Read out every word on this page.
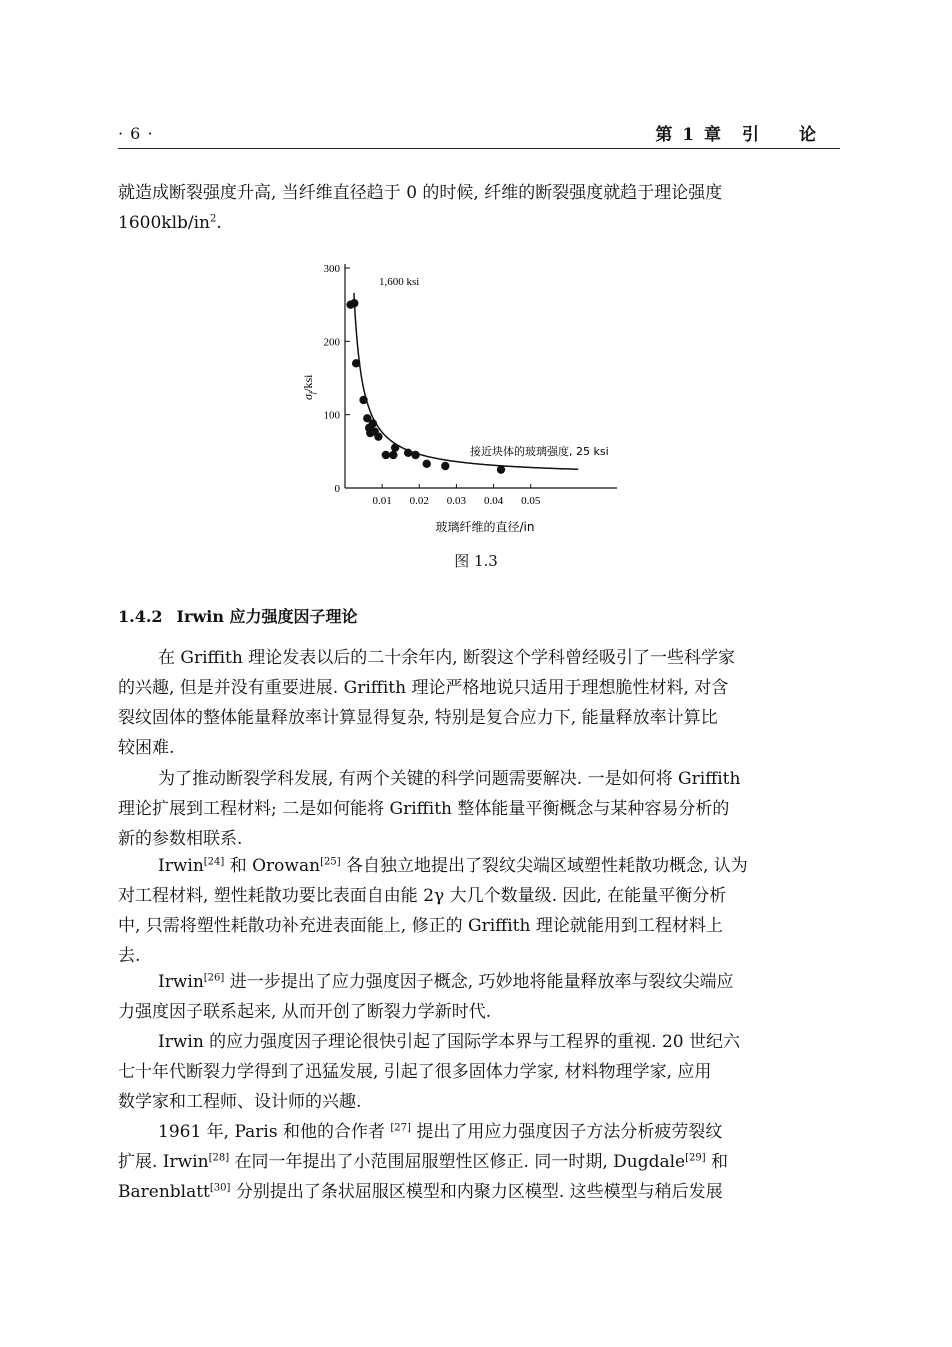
· 6 ·	第 1 章　引　　论
就造成断裂强度升高, 当纤维直径趋于 0 的时候, 纤维的断裂强度就趋于理论强度
$1600klb/in^2$.
0
100
200
300
0.01 0.02 0.03 0.04 0.05
1,600 ksi
接近块体的玻璃强度, 25 ksi
玻璃纤维的直径/in
$\sigma_f$/ksi
图 1.3
1.4.2 Irwin 应力强度因子理论
在 Griffith 理论发表以后的二十余年内, 断裂这个学科曾经吸引了一些科学家
的兴趣, 但是并没有重要进展. Griffith 理论严格地说只适用于理想脆性材料, 对含
裂纹固体的整体能量释放率计算显得复杂, 特别是复合应力下, 能量释放率计算比
较困难.
为了推动断裂学科发展, 有两个关键的科学问题需要解决. 一是如何将 Griffith
理论扩展到工程材料; 二是如何能将 Griffith 整体能量平衡概念与某种容易分析的
新的参数相联系.
Irwin[24] 和 Orowan[25] 各自独立地提出了裂纹尖端区域塑性耗散功概念, 认为
对工程材料, 塑性耗散功要比表面自由能 2γ 大几个数量级. 因此, 在能量平衡分析
中, 只需将塑性耗散功补充进表面能上, 修正的 Griffith 理论就能用到工程材料上
去.
Irwin[26] 进一步提出了应力强度因子概念, 巧妙地将能量释放率与裂纹尖端应
力强度因子联系起来, 从而开创了断裂力学新时代.
Irwin 的应力强度因子理论很快引起了国际学本界与工程界的重视. 20 世纪六
七十年代断裂力学得到了迅猛发展, 引起了很多固体力学家, 材料物理学家, 应用
数学家和工程师、设计师的兴趣.
1961 年, Paris 和他的合作者 [27] 提出了用应力强度因子方法分析疲劳裂纹
扩展. Irwin[28] 在同一年提出了小范围屈服塑性区修正. 同一时期, Dugdale[29] 和
Barenblatt[30] 分别提出了条状屈服区模型和内聚力区模型. 这些模型与稍后发展
